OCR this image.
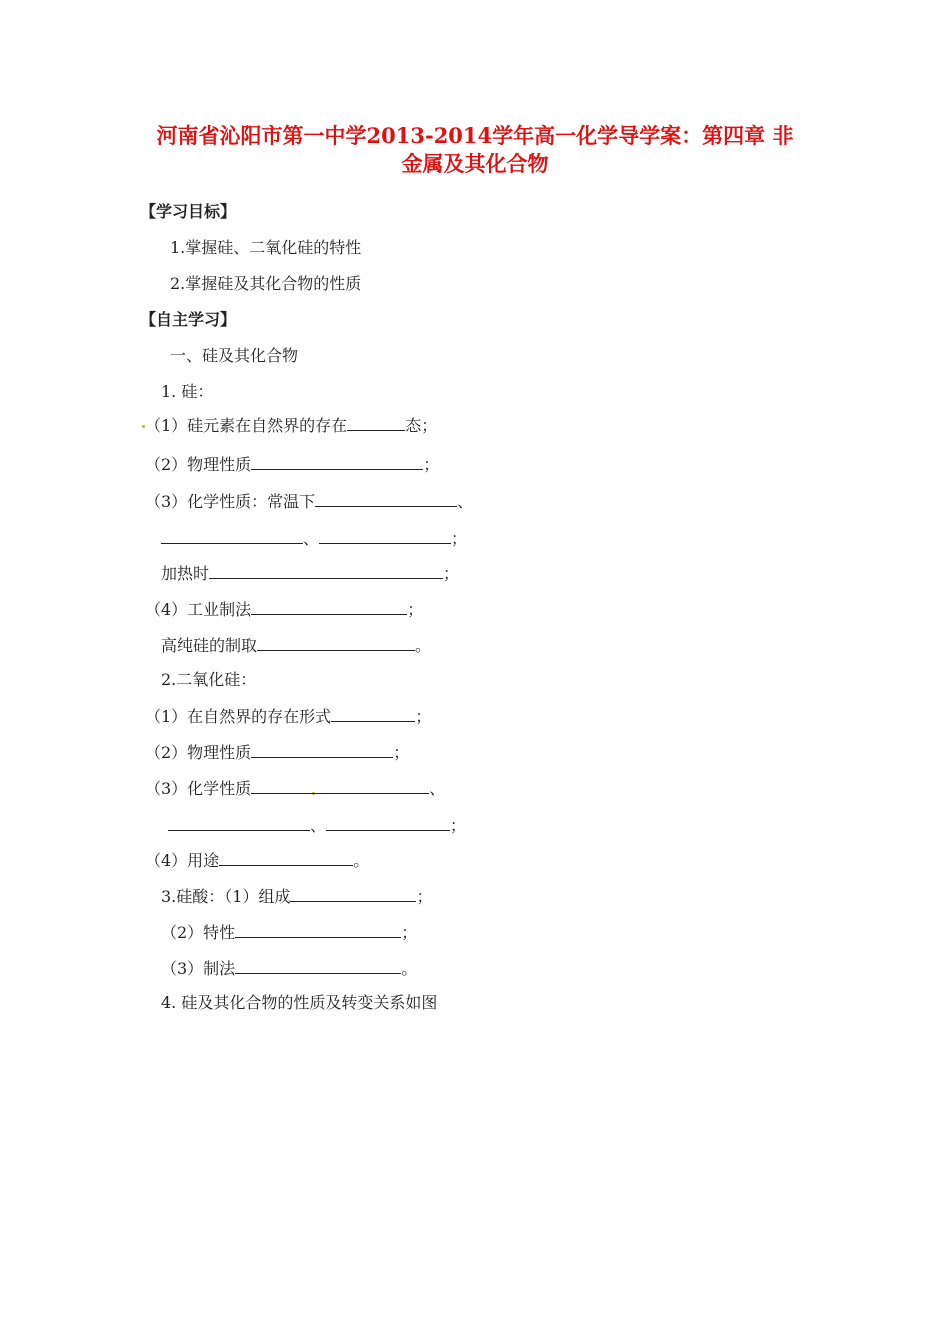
河南省沁阳市第一中学2013-2014学年高一化学导学案：第四章 非
金属及其化合物
【学习目标】
1.掌握硅、二氧化硅的特性
2.掌握硅及其化合物的性质
【自主学习】
一、硅及其化合物
1. 硅：
（1）硅元素在自然界的存在	态；
（2）物理性质	；
（3）化学性质：常温下	、
、	；
加热时	；
（4）工业制法	；
高纯硅的制取	。
2.二氧化硅：
（1）在自然界的存在形式	；
（2）物理性质	；
（3）化学性质	、
、	；
（4）用途	。
3.硅酸：（1）组成	；
（2）特性	；
（3）制法	。
4. 硅及其化合物的性质及转变关系如图
